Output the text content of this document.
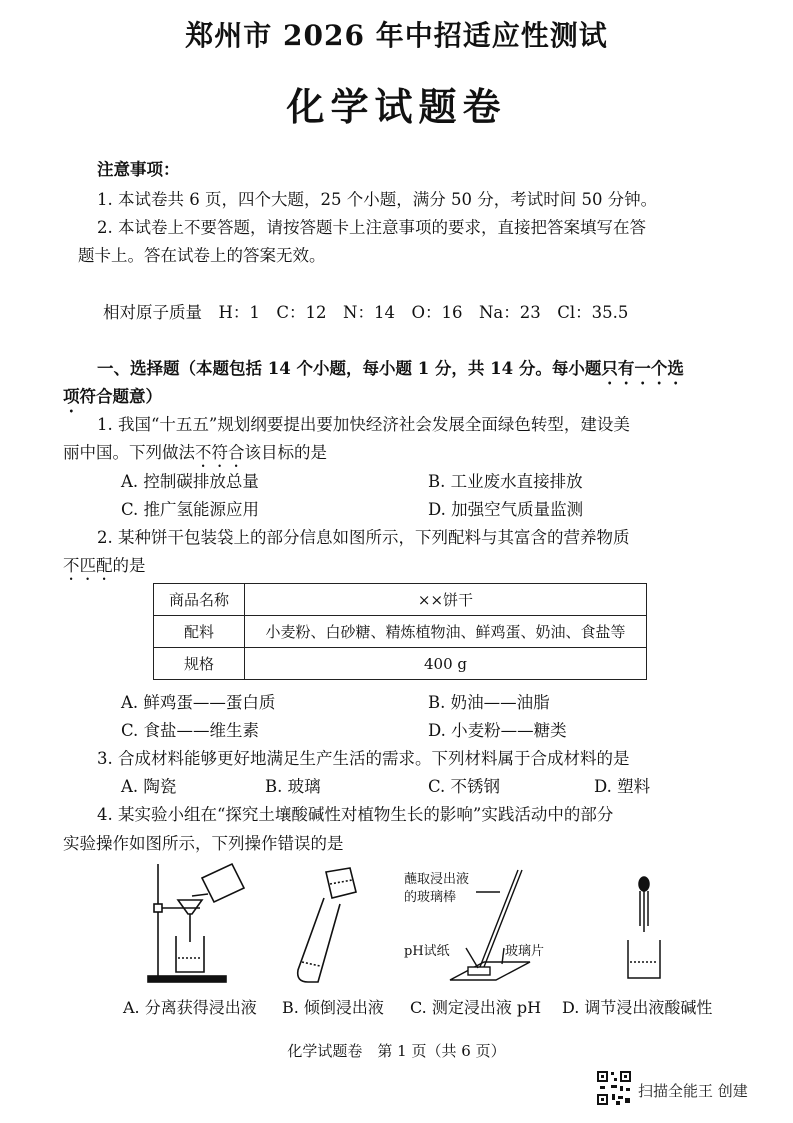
郑州市 2026 年中招适应性测试
化学试题卷
注意事项：
1. 本试卷共 6 页，四个大题，25 个小题，满分 50 分，考试时间 50 分钟。
2. 本试卷上不要答题，请按答题卡上注意事项的要求，直接把答案填写在答
题卡上。答在试卷上的答案无效。
相对原子质量　H：1　C：12　N：14　O：16　Na：23　Cl：35.5
一、选择题（本题包括 14 个小题，每小题 1 分，共 14 分。每小题只有一个选
项符合题意）
1. 我国“十五五”规划纲要提出要加快经济社会发展全面绿色转型，建设美
丽中国。下列做法不符合该目标的是
A. 控制碳排放总量	B. 工业废水直接排放
C. 推广氢能源应用	D. 加强空气质量监测
2. 某种饼干包装袋上的部分信息如图所示，下列配料与其富含的营养物质
不匹配的是
商品名称	××饼干
配料	小麦粉、白砂糖、精炼植物油、鲜鸡蛋、奶油、食盐等
规格	400 g
A. 鲜鸡蛋——蛋白质	B. 奶油——油脂
C. 食盐——维生素	D. 小麦粉——糖类
3. 合成材料能够更好地满足生产生活的需求。下列材料属于合成材料的是
A. 陶瓷	B. 玻璃	C. 不锈钢	D. 塑料
4. 某实验小组在“探究土壤酸碱性对植物生长的影响”实践活动中的部分
实验操作如图所示，下列操作错误的是
蘸取浸出液
的玻璃棒
pH试纸	玻璃片
A. 分离获得浸出液 B. 倾倒浸出液 C. 测定浸出液 pH D. 调节浸出液酸碱性
化学试题卷　第 1 页（共 6 页）
扫描全能王 创建
